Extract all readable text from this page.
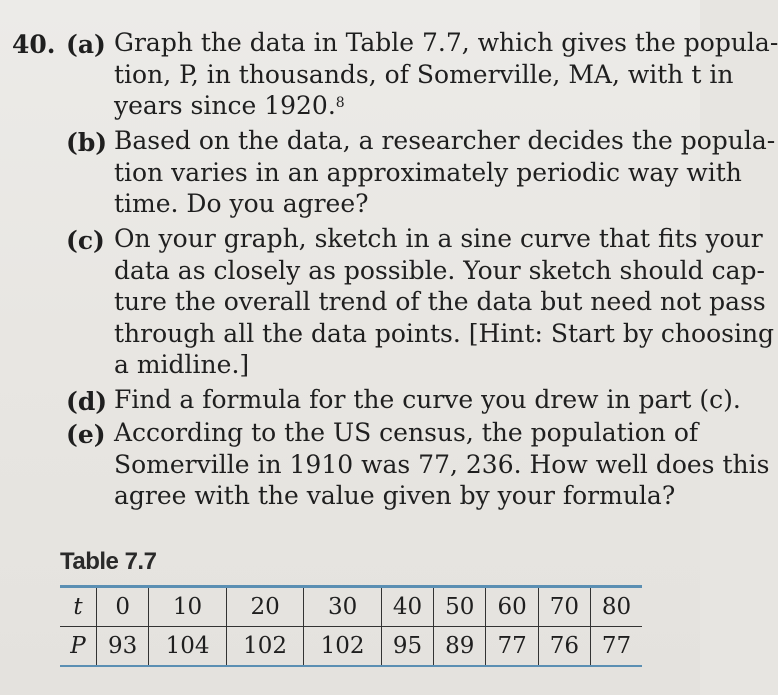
40. (a) Graph the data in Table 7.7, which gives the popula-
tion, P, in thousands, of Somerville, MA, with t in
years since 1920.$^8$
(b) Based on the data, a researcher decides the popula-
tion varies in an approximately periodic way with
time. Do you agree?
(c) On your graph, sketch in a sine curve that fits your
data as closely as possible. Your sketch should cap-
ture the overall trend of the data but need not pass
through all the data points. [Hint: Start by choosing
a midline.]
(d) Find a formula for the curve you drew in part (c).
(e) According to the US census, the population of
Somerville in 1910 was 77, 236. How well does this
agree with the value given by your formula?
Table 7.7
t	0	10	20	30	40	50	60	70	80
P	93	104	102	102	95	89	77	76	77
